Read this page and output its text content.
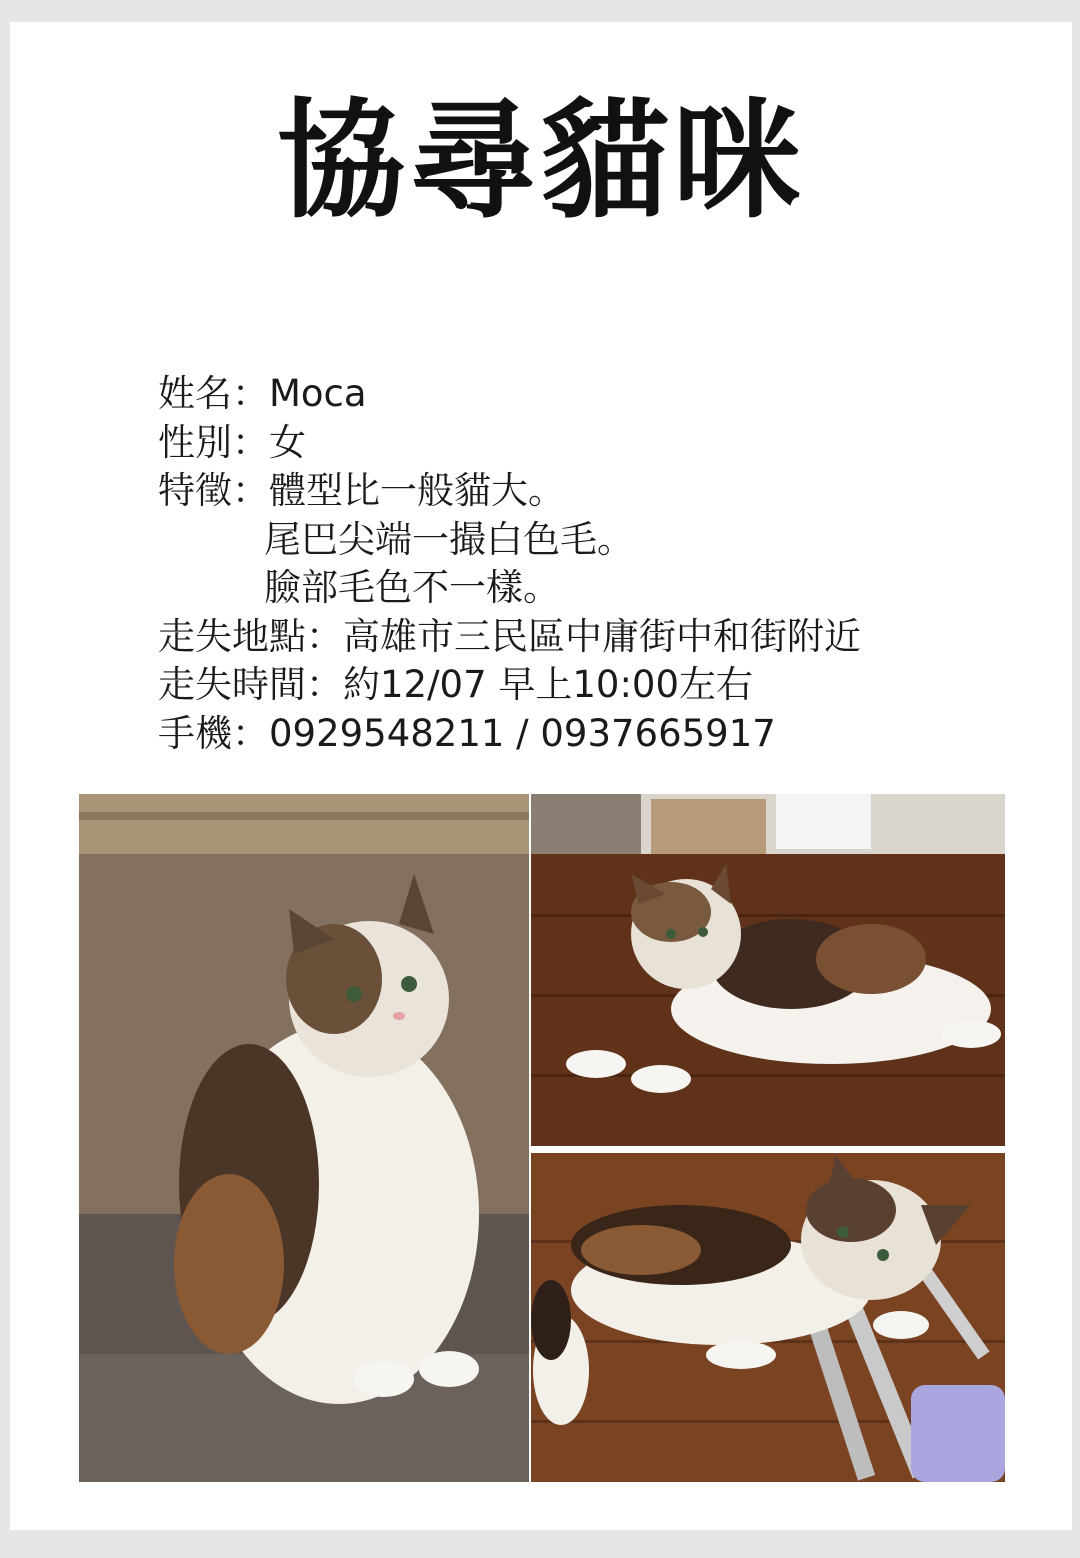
協尋貓咪
姓名：Moca
性別：女
特徵：體型比一般貓大。
尾巴尖端一撮白色毛。
臉部毛色不一樣。
走失地點：高雄市三民區中庸街中和街附近
走失時間：約12/07 早上10:00左右
手機：0929548211 / 0937665917
